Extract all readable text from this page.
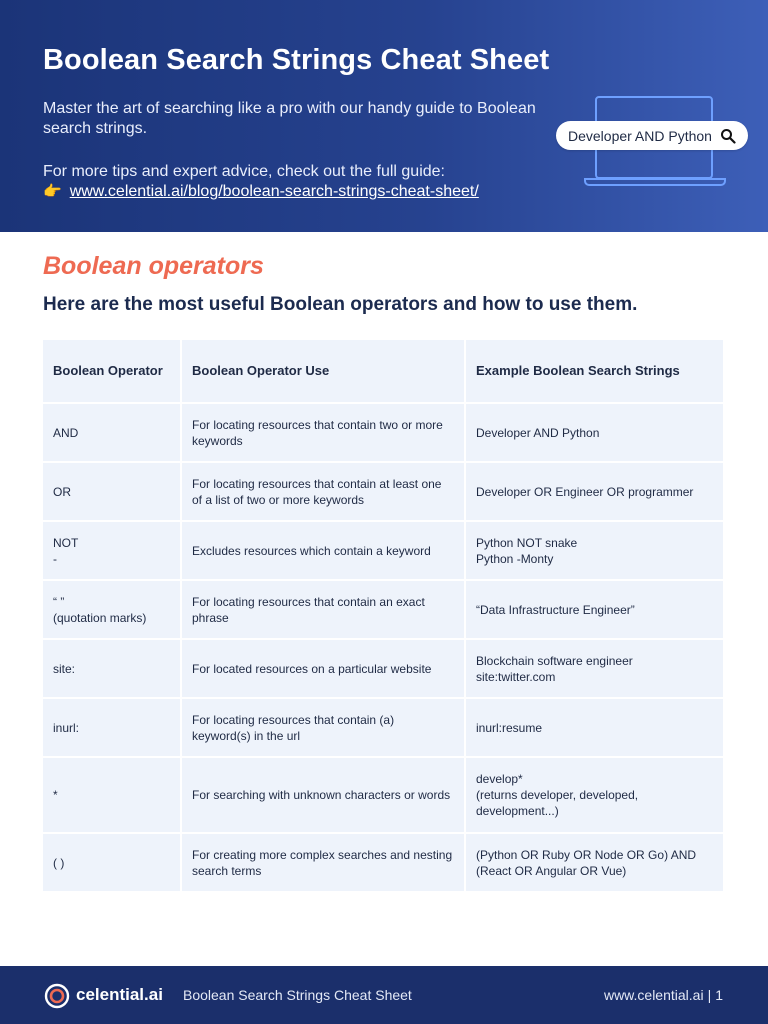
Boolean Search Strings Cheat Sheet
Master the art of searching like a pro with our handy guide to Boolean search strings.
For more tips and expert advice, check out the full guide:
👉 www.celential.ai/blog/boolean-search-strings-cheat-sheet/
Developer AND Python
Boolean operators
Here are the most useful Boolean operators and how to use them.
Boolean Operator	Boolean Operator Use	Example Boolean Search Strings
AND	For locating resources that contain two or more keywords	Developer AND Python
OR	For locating resources that contain at least one of a list of two or more keywords	Developer OR Engineer OR programmer
NOT
-	Excludes resources which contain a keyword	Python NOT snake
Python -Monty
“ ”
(quotation marks)	For locating resources that contain an exact phrase	“Data Infrastructure Engineer”
site:	For located resources on a particular website	Blockchain software engineer
site:twitter.com
inurl:	For locating resources that contain (a) keyword(s) in the url	inurl:resume
*	For searching with unknown characters or words	develop*
(returns developer, developed,
development...)
( )	For creating more complex searches and nesting search terms	(Python OR Ruby OR Node OR Go) AND
(React OR Angular OR Vue)
celential.ai Boolean Search Strings Cheat Sheet	www.celential.ai | 1
